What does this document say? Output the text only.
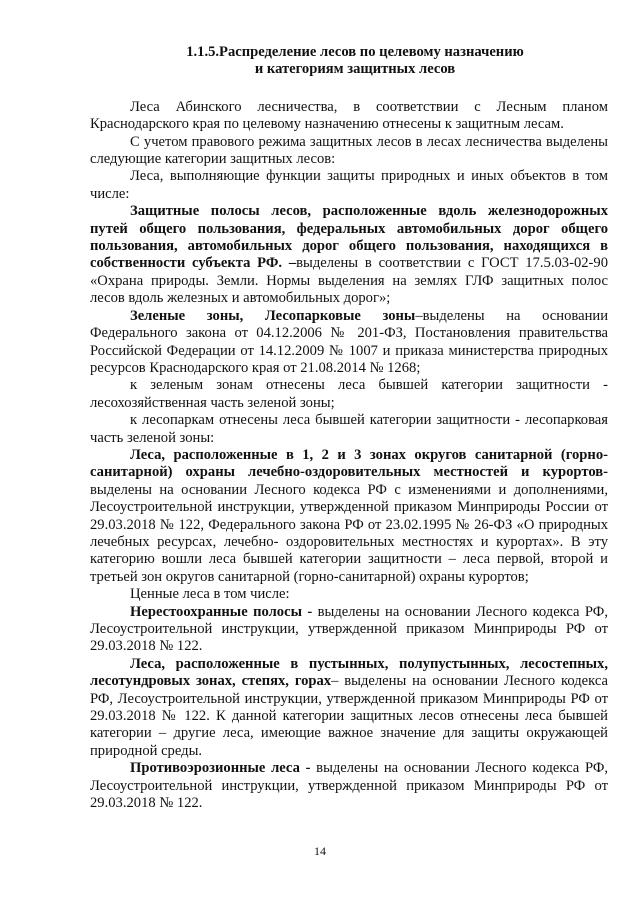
1.1.5.Распределение лесов по целевому назначению
и категориям защитных лесов

Леса Абинского лесничества, в соответствии с Лесным планом Краснодарского края по целевому назначению отнесены к защитным лесам.

С учетом правового режима защитных лесов в лесах лесничества выделены следующие категории защитных лесов:

Леса, выполняющие функции защиты природных и иных объектов в том числе:

Защитные полосы лесов, расположенные вдоль железнодорожных путей общего пользования, федеральных автомобильных дорог общего пользования, автомобильных дорог общего пользования, находящихся в собственности субъекта РФ. –выделены в соответствии с ГОСТ 17.5.03-02-90 «Охрана природы. Земли. Нормы выделения на землях ГЛФ защитных полос лесов вдоль железных и автомобильных дорог»;

Зеленые зоны, Лесопарковые зоны–выделены на основании Федерального закона от 04.12.2006 № 201-ФЗ, Постановления правительства Российской Федерации от 14.12.2009 № 1007 и приказа министерства природных ресурсов Краснодарского края от 21.08.2014 № 1268;

к зеленым зонам отнесены леса бывшей категории защитности - лесохозяйственная часть зеленой зоны;

к лесопаркам отнесены леса бывшей категории защитности - лесопарковая часть зеленой зоны:

Леса, расположенные в 1, 2 и 3 зонах округов санитарной (горно-санитарной) охраны лечебно-оздоровительных местностей и курортов- выделены на основании Лесного кодекса РФ с изменениями и дополнениями, Лесоустроительной инструкции, утвержденной приказом Минприроды России от 29.03.2018 № 122, Федерального закона РФ от 23.02.1995 № 26-ФЗ «О природных лечебных ресурсах, лечебно- оздоровительных местностях и курортах». В эту категорию вошли леса бывшей категории защитности – леса первой, второй и третьей зон округов санитарной (горно-санитарной) охраны курортов;

Ценные леса в том числе:

Нерестоохранные полосы - выделены на основании Лесного кодекса РФ, Лесоустроительной инструкции, утвержденной приказом Минприроды РФ от 29.03.2018 № 122.

Леса, расположенные в пустынных, полупустынных, лесостепных, лесотундровых зонах, степях, горах– выделены на основании Лесного кодекса РФ, Лесоустроительной инструкции, утвержденной приказом Минприроды РФ от 29.03.2018 № 122. К данной категории защитных лесов отнесены леса бывшей категории – другие леса, имеющие важное значение для защиты окружающей природной среды.

Противоэрозионные леса - выделены на основании Лесного кодекса РФ, Лесоустроительной инструкции, утвержденной приказом Минприроды РФ от 29.03.2018 № 122.

14
